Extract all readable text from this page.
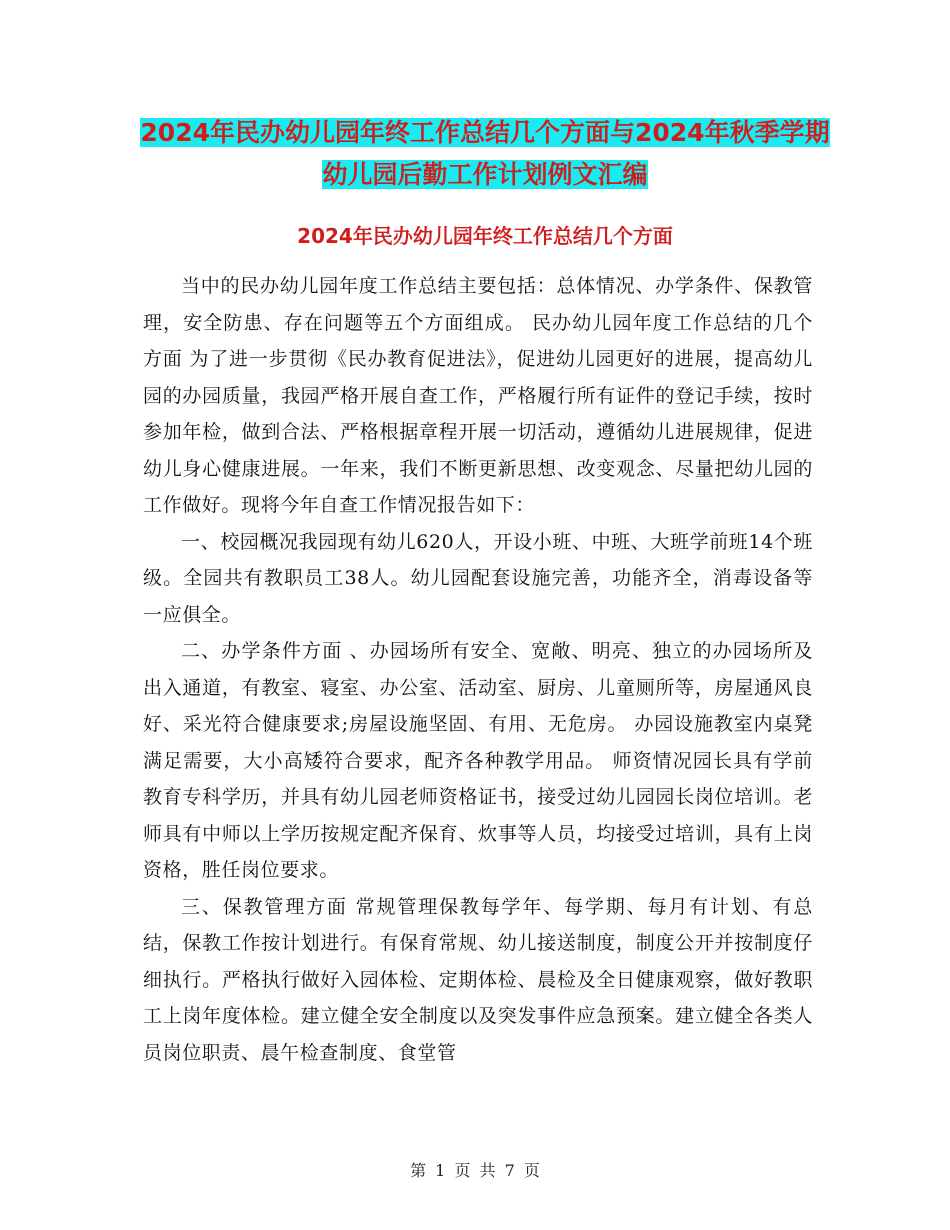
2024年民办幼儿园年终工作总结几个方面与2024年秋季学期幼儿园后勤工作计划例文汇编
2024年民办幼儿园年终工作总结几个方面

当中的民办幼儿园年度工作总结主要包括：总体情况、办学条件、保教管理，安全防患、存在问题等五个方面组成。 民办幼儿园年度工作总结的几个方面 为了进一步贯彻《民办教育促进法》，促进幼儿园更好的进展，提高幼儿园的办园质量，我园严格开展自查工作，严格履行所有证件的登记手续，按时参加年检，做到合法、严格根据章程开展一切活动，遵循幼儿进展规律，促进幼儿身心健康进展。一年来，我们不断更新思想、改变观念、尽量把幼儿园的工作做好。现将今年自查工作情况报告如下：

一、校园概况我园现有幼儿620人，开设小班、中班、大班学前班14个班级。全园共有教职员工38人。幼儿园配套设施完善，功能齐全，消毒设备等一应俱全。

二、办学条件方面 、办园场所有安全、宽敞、明亮、独立的办园场所及出入通道，有教室、寝室、办公室、活动室、厨房、儿童厕所等，房屋通风良好、采光符合健康要求;房屋设施坚固、有用、无危房。 办园设施教室内桌凳满足需要，大小高矮符合要求，配齐各种教学用品。 师资情况园长具有学前教育专科学历，并具有幼儿园老师资格证书，接受过幼儿园园长岗位培训。老师具有中师以上学历按规定配齐保育、炊事等人员，均接受过培训，具有上岗资格，胜任岗位要求。

三、保教管理方面 常规管理保教每学年、每学期、每月有计划、有总结，保教工作按计划进行。有保育常规、幼儿接送制度，制度公开并按制度仔细执行。严格执行做好入园体检、定期体检、晨检及全日健康观察，做好教职工上岗年度体检。建立健全安全制度以及突发事件应急预案。建立健全各类人员岗位职责、晨午检查制度、食堂管

第 1 页 共 7 页
